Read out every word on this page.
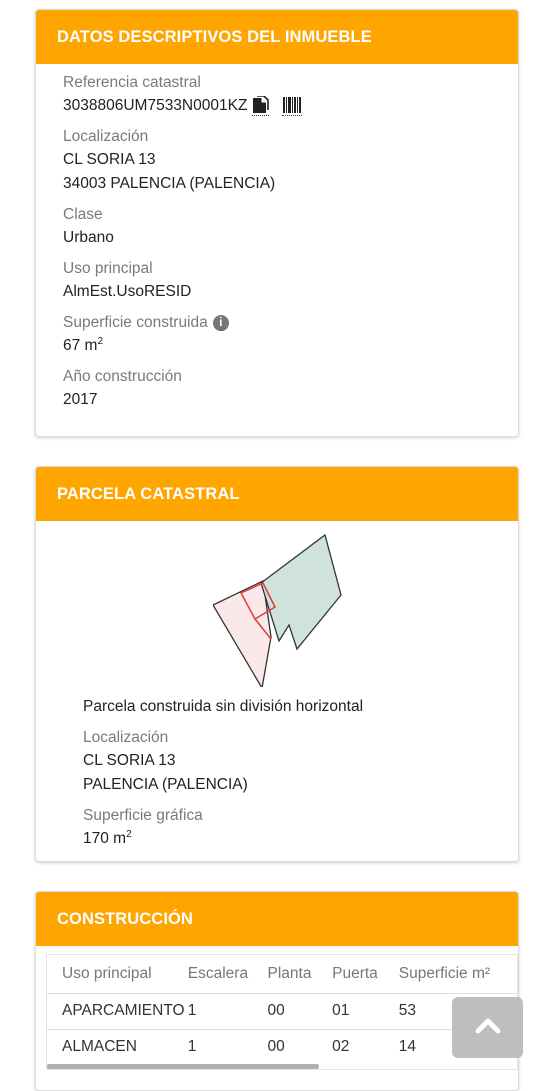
DATOS DESCRIPTIVOS DEL INMUEBLE
Referencia catastral
3038806UM7533N0001KZ
Localización
CL SORIA 13
34003 PALENCIA (PALENCIA)
Clase
Urbano
Uso principal
AlmEst.UsoRESID
Superficie construida i
67 $m^2$
Año construcción
2017
PARCELA CATASTRAL
Parcela construida sin división horizontal
Localización
CL SORIA 13
PALENCIA (PALENCIA)
Superficie gráfica
170 $m^2$
CONSTRUCCIÓN
Uso principal	Escalera	Planta	Puerta	Superficie m²
APARCAMIENTO	1	00	01	53
ALMACEN	1	00	02	14
